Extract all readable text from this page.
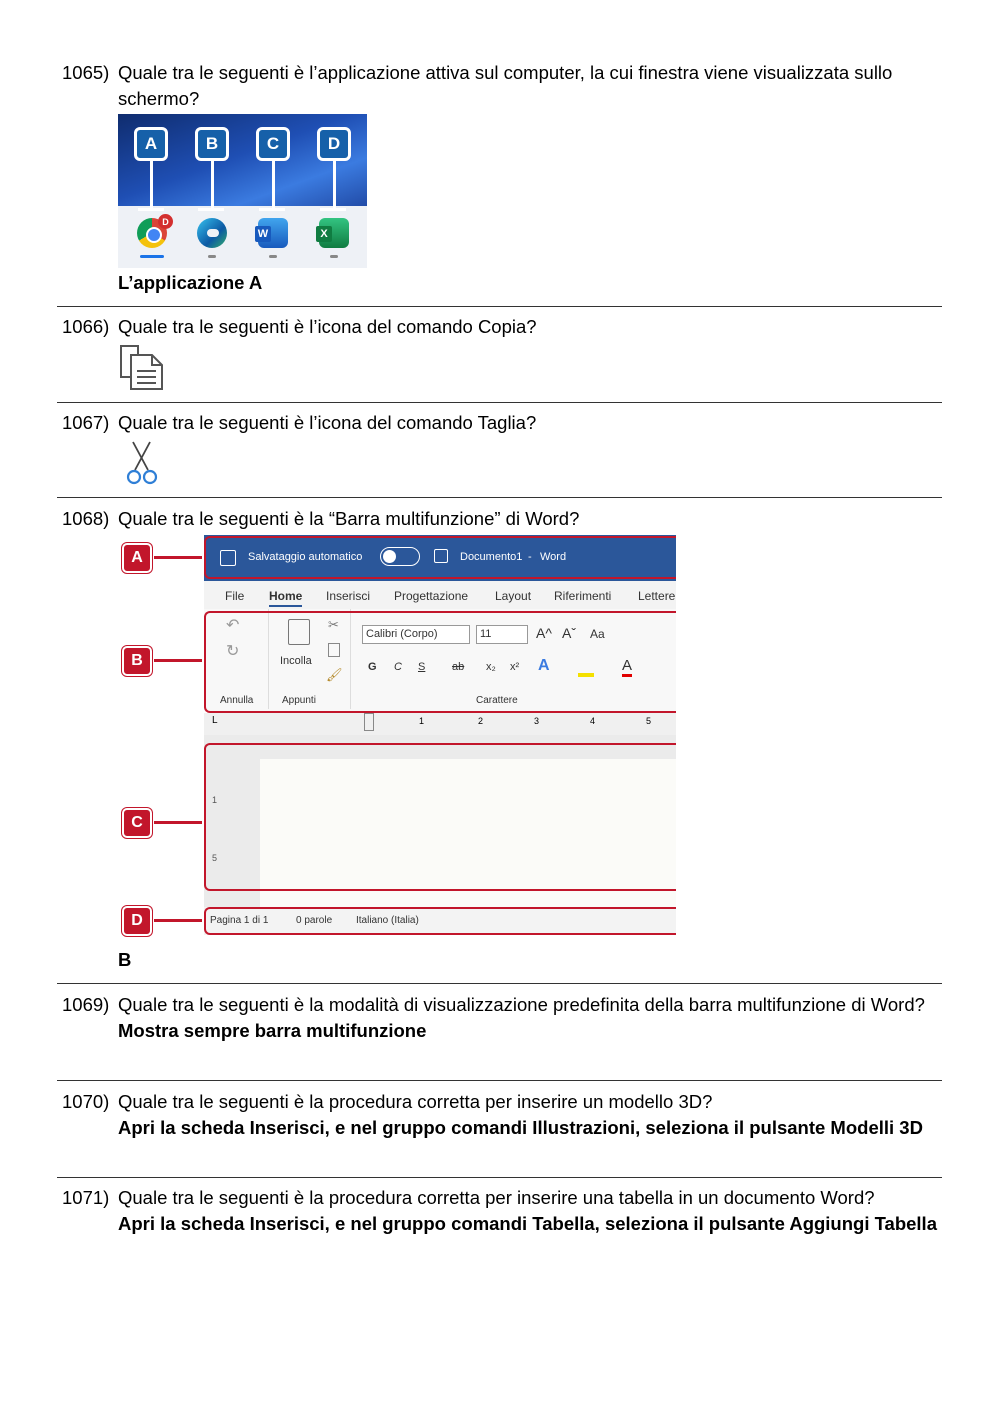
1065) Quale tra le seguenti è l’applicazione attiva sul computer, la cui finestra viene visualizzata sullo schermo?
A	B	C	D
D
W	X
L’applicazione A
1066) Quale tra le seguenti è l’icona del comando Copia?
1067) Quale tra le seguenti è l’icona del comando Taglia?
1068) Quale tra le seguenti è la “Barra multifunzione” di Word?
Salvataggio automatico	Documento1 - Word
File Home Inserisci Progettazione Layout Riferimenti Lettere
↶
↻
Incolla
✂
🖌
Calibri (Corpo)	11	A^ Aˇ Aa
G C S ab x₂ x² A	A
Annulla	Appunti	Carattere
L	1	2	3	4	5
1
5
Pagina 1 di 1	0 parole Italiano (Italia)
A
B
C
D
B
1069) Quale tra le seguenti è la modalità di visualizzazione predefinita della barra multifunzione di Word?
Mostra sempre barra multifunzione
1070) Quale tra le seguenti è la procedura corretta per inserire un modello 3D?
Apri la scheda Inserisci, e nel gruppo comandi Illustrazioni, seleziona il pulsante Modelli 3D
1071) Quale tra le seguenti è la procedura corretta per inserire una tabella in un documento Word?
Apri la scheda Inserisci, e nel gruppo comandi Tabella, seleziona il pulsante Aggiungi Tabella
